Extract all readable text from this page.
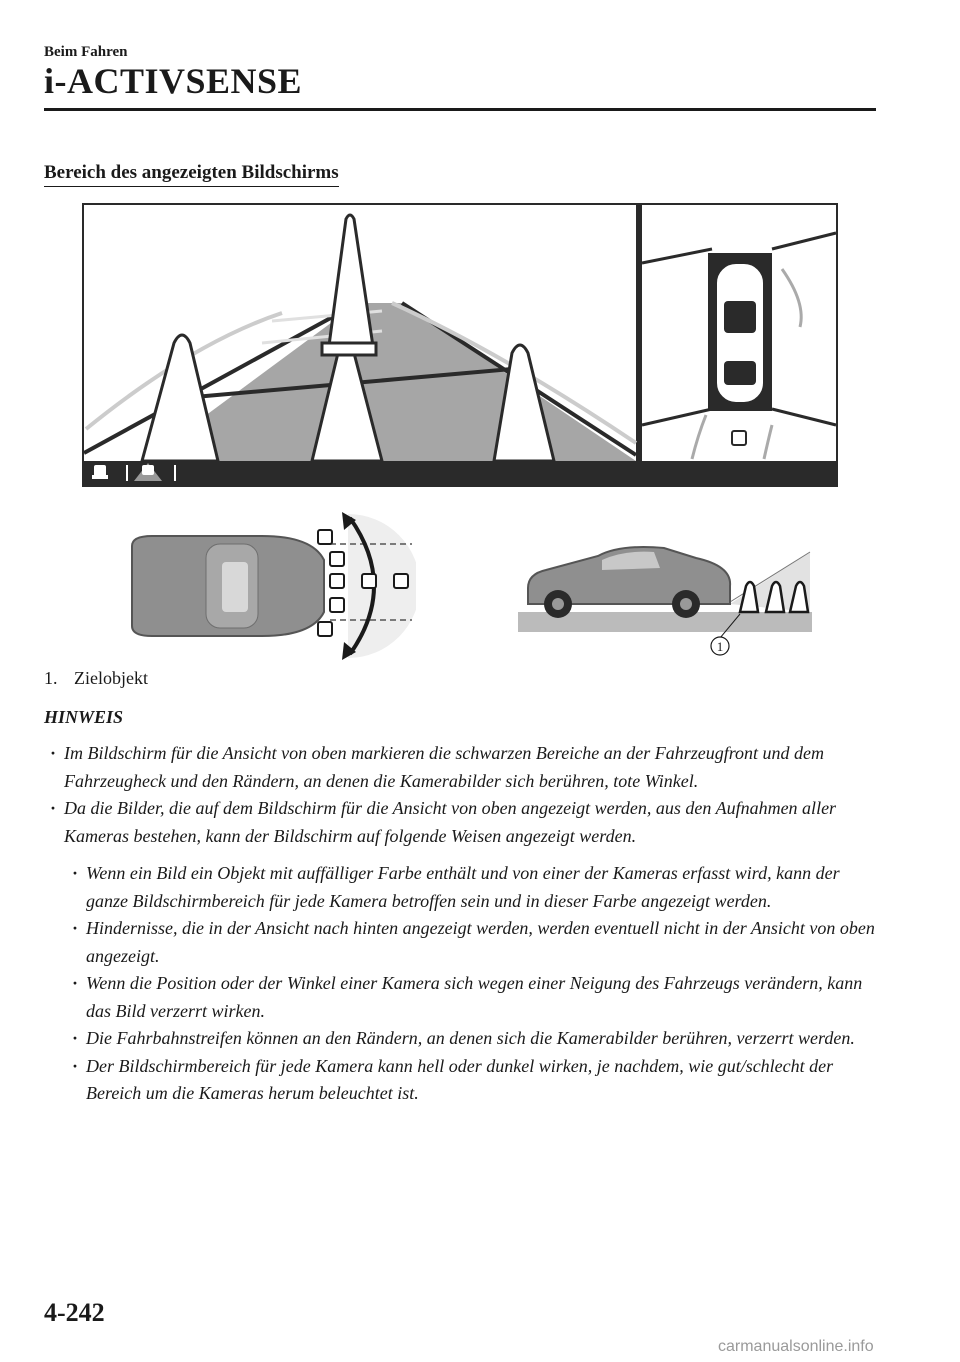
Beim Fahren
i-ACTIVSENSE
Bereich des angezeigten Bildschirms
1
1. Zielobjekt
HINWEIS

· Im Bildschirm für die Ansicht von oben markieren die schwarzen Bereiche an der Fahrzeugfront und dem Fahrzeugheck und den Rändern, an denen die Kamerabilder sich berühren, tote Winkel.

· Da die Bilder, die auf dem Bildschirm für die Ansicht von oben angezeigt werden, aus den Aufnahmen aller Kameras bestehen, kann der Bildschirm auf folgende Weisen angezeigt werden.

· Wenn ein Bild ein Objekt mit auffälliger Farbe enthält und von einer der Kameras erfasst wird, kann der ganze Bildschirmbereich für jede Kamera betroffen sein und in dieser Farbe angezeigt werden.

· Hindernisse, die in der Ansicht nach hinten angezeigt werden, werden eventuell nicht in der Ansicht von oben angezeigt.

· Wenn die Position oder der Winkel einer Kamera sich wegen einer Neigung des Fahrzeugs verändern, kann das Bild verzerrt wirken.

· Die Fahrbahnstreifen können an den Rändern, an denen sich die Kamerabilder berühren, verzerrt werden.

· Der Bildschirmbereich für jede Kamera kann hell oder dunkel wirken, je nachdem, wie gut/schlecht der Bereich um die Kameras herum beleuchtet ist.

4-242
carmanualsonline.info
